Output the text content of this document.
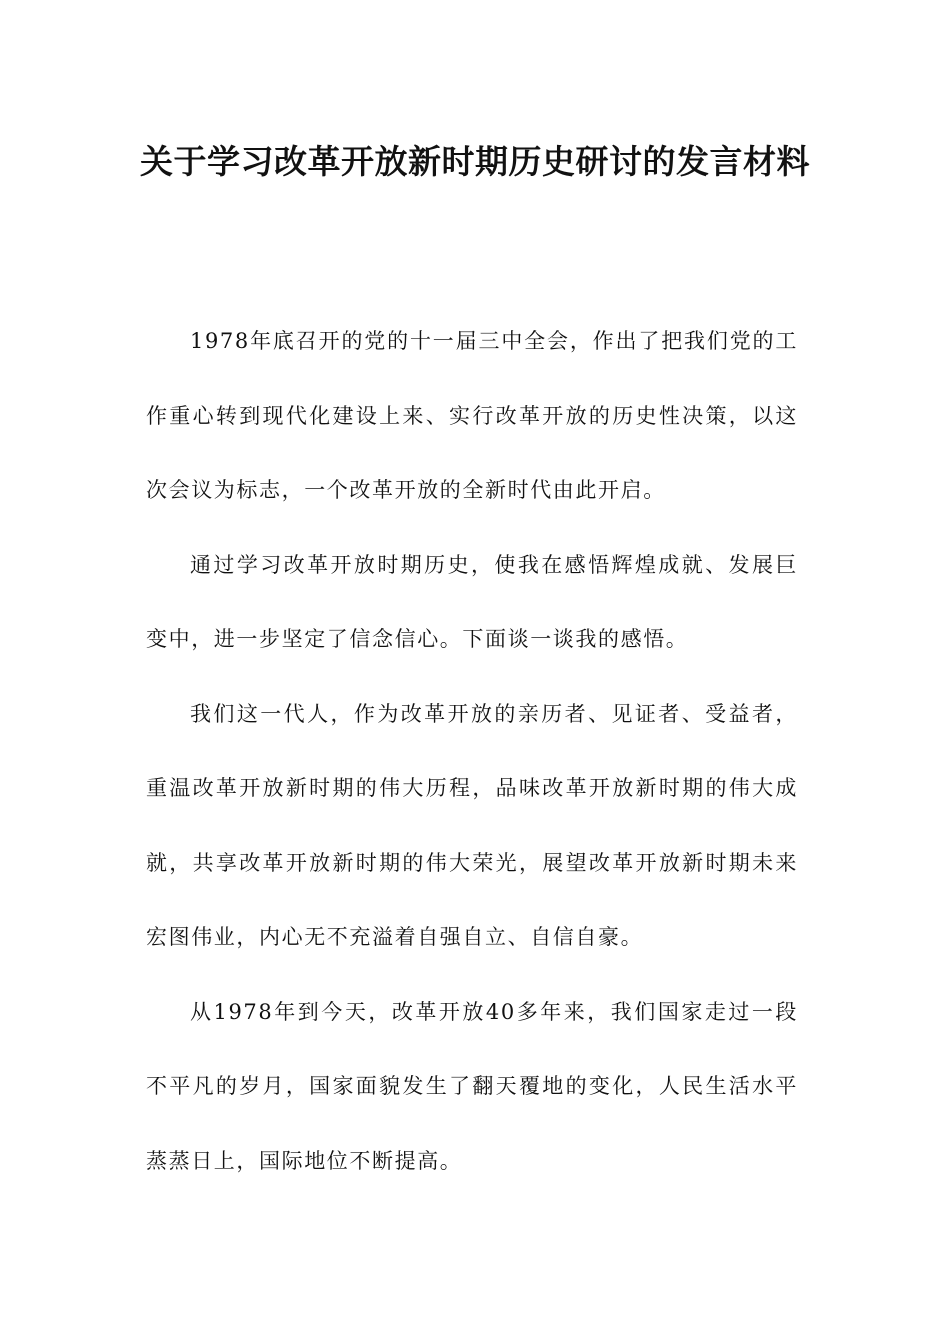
关于学习改革开放新时期历史研讨的发言材料

1978年底召开的党的十一届三中全会，作出了把我们党的工作重心转到现代化建设上来、实行改革开放的历史性决策，以这次会议为标志，一个改革开放的全新时代由此开启。

通过学习改革开放时期历史，使我在感悟辉煌成就、发展巨变中，进一步坚定了信念信心。下面谈一谈我的感悟。

我们这一代人，作为改革开放的亲历者、见证者、受益者，重温改革开放新时期的伟大历程，品味改革开放新时期的伟大成就，共享改革开放新时期的伟大荣光，展望改革开放新时期未来宏图伟业，内心无不充溢着自强自立、自信自豪。

从1978年到今天，改革开放40多年来，我们国家走过一段不平凡的岁月，国家面貌发生了翻天覆地的变化，人民生活水平蒸蒸日上，国际地位不断提高。
